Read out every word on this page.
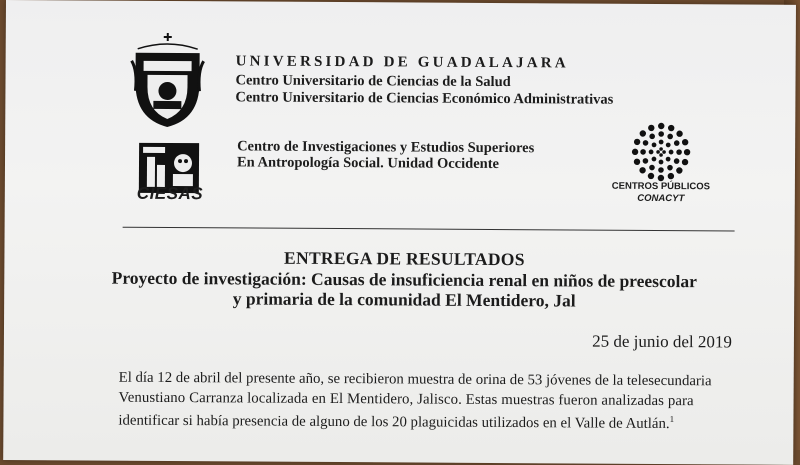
UNIVERSIDAD DE GUADALAJARA
Centro Universitario de Ciencias de la Salud
Centro Universitario de Ciencias Económico Administrativas
CIESAS
Centro de Investigaciones y Estudios Superiores
En Antropología Social. Unidad Occidente
CENTROS PÚBLICOS
CONACYT
ENTREGA DE RESULTADOS
Proyecto de investigación: Causas de insuficiencia renal en niños de preescolar
y primaria de la comunidad El Mentidero, Jal
25 de junio del 2019
El día 12 de abril del presente año, se recibieron muestra de orina de 53 jóvenes de la telesecundaria
Venustiano Carranza localizada en El Mentidero, Jalisco. Estas muestras fueron analizadas para
identificar si había presencia de alguno de los 20 plaguicidas utilizados en el Valle de Autlán.$^1$
